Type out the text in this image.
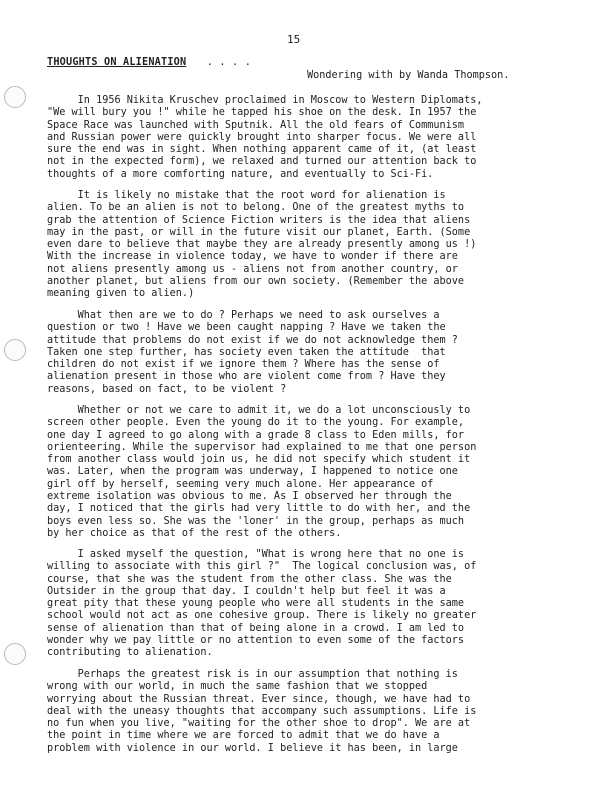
15
THOUGHTS ON ALIENATION . . . .
Wondering with by Wanda Thompson.

In 1956 Nikita Kruschev proclaimed in Moscow to Western Diplomats,
"We will bury you !" while he tapped his shoe on the desk. In 1957 the
Space Race was launched with Sputnik. All the old fears of Communism
and Russian power were quickly brought into sharper focus. We were all
sure the end was in sight. When nothing apparent came of it, (at least
not in the expected form), we relaxed and turned our attention back to
thoughts of a more comforting nature, and eventually to Sci-Fi.

It is likely no mistake that the root word for alienation is
alien. To be an alien is not to belong. One of the greatest myths to
grab the attention of Science Fiction writers is the idea that aliens
may in the past, or will in the future visit our planet, Earth. (Some
even dare to believe that maybe they are already presently among us !)
With the increase in violence today, we have to wonder if there are
not aliens presently among us - aliens not from another country, or
another planet, but aliens from our own society. (Remember the above
meaning given to alien.)

What then are we to do ? Perhaps we need to ask ourselves a
question or two ! Have we been caught napping ? Have we taken the
attitude that problems do not exist if we do not acknowledge them ?
Taken one step further, has society even taken the attitude  that
children do not exist if we ignore them ? Where has the sense of
alienation present in those who are violent come from ? Have they
reasons, based on fact, to be violent ?

Whether or not we care to admit it, we do a lot unconsciously to
screen other people. Even the young do it to the young. For example,
one day I agreed to go along with a grade 8 class to Eden mills, for
orienteering. While the supervisor had explained to me that one person
from another class would join us, he did not specify which student it
was. Later, when the program was underway, I happened to notice one
girl off by herself, seeming very much alone. Her appearance of
extreme isolation was obvious to me. As I observed her through the
day, I noticed that the girls had very little to do with her, and the
boys even less so. She was the 'loner' in the group, perhaps as much
by her choice as that of the rest of the others.

I asked myself the question, "What is wrong here that no one is
willing to associate with this girl ?"  The logical conclusion was, of
course, that she was the student from the other class. She was the
Outsider in the group that day. I couldn't help but feel it was a
great pity that these young people who were all students in the same
school would not act as one cohesive group. There is likely no greater
sense of alienation than that of being alone in a crowd. I am led to
wonder why we pay little or no attention to even some of the factors
contributing to alienation.

Perhaps the greatest risk is in our assumption that nothing is
wrong with our world, in much the same fashion that we stopped
worrying about the Russian threat. Ever since, though, we have had to
deal with the uneasy thoughts that accompany such assumptions. Life is
no fun when you live, "waiting for the other shoe to drop". We are at
the point in time where we are forced to admit that we do have a
problem with violence in our world. I believe it has been, in large
